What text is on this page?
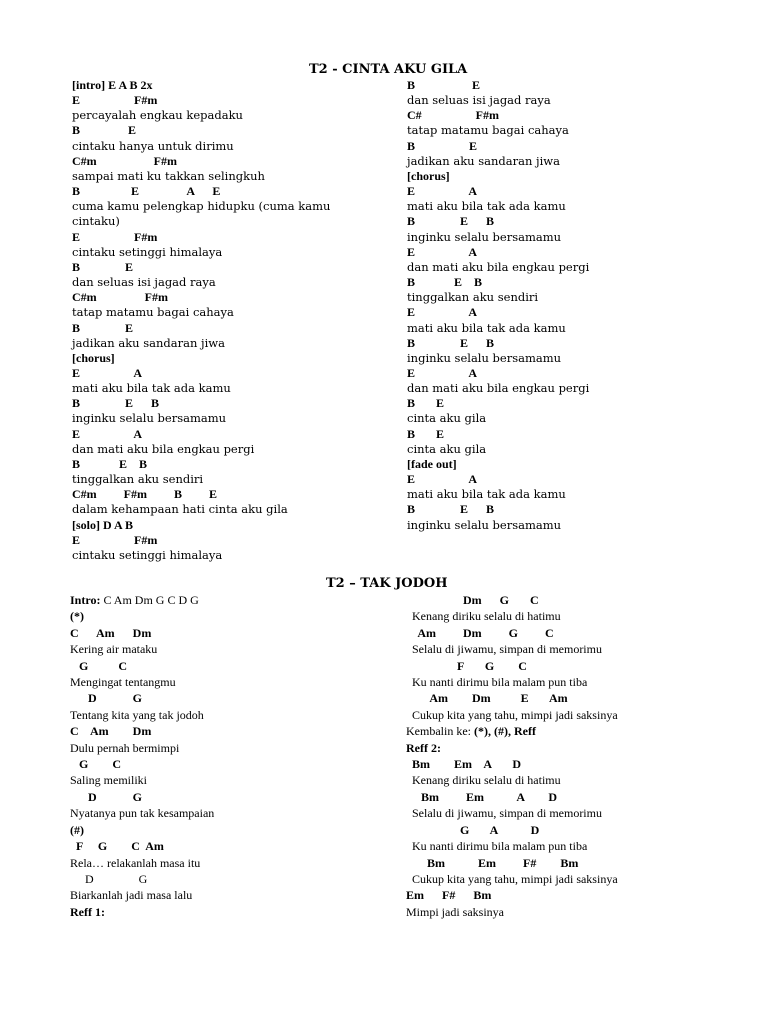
T2 - CINTA AKU GILA
[intro] E A B 2x
E                  F#m
percayalah engkau kepadaku
B                E
cintaku hanya untuk dirimu
C#m                   F#m
sampai mati ku takkan selingkuh
B                 E                A      E
cuma kamu pelengkap hidupku (cuma kamu
cintaku)
E                  F#m
cintaku setinggi himalaya
B               E
dan seluas isi jagad raya
C#m                F#m
tatap matamu bagai cahaya
B               E
jadikan aku sandaran jiwa
[chorus]
E                  A
mati aku bila tak ada kamu
B               E      B
inginku selalu bersamamu
E                  A
dan mati aku bila engkau pergi
B             E    B
tinggalkan aku sendiri
C#m         F#m         B         E
dalam kehampaan hati cinta aku gila
[solo] D A B
E                  F#m
cintaku setinggi himalaya
B                   E
dan seluas isi jagad raya
C#                  F#m
tatap matamu bagai cahaya
B                  E
jadikan aku sandaran jiwa
[chorus]
E                  A
mati aku bila tak ada kamu
B               E      B
inginku selalu bersamamu
E                  A
dan mati aku bila engkau pergi
B             E    B
tinggalkan aku sendiri
E                  A
mati aku bila tak ada kamu
B               E      B
inginku selalu bersamamu
E                  A
dan mati aku bila engkau pergi
B       E
cinta aku gila
B       E
cinta aku gila
[fade out]
E                  A
mati aku bila tak ada kamu
B               E      B
inginku selalu bersamamu
T2 – TAK JODOH
Intro: C Am Dm G C D G
(*)
C      Am      Dm
Kering air mataku
G          C
Mengingat tentangmu
D            G
Tentang kita yang tak jodoh
C    Am        Dm
Dulu pernah bermimpi
G        C
Saling memiliki
D            G
Nyatanya pun tak kesampaian
(#)
F     G        C  Am
Rela… relakanlah masa itu
D               G
Biarkanlah jadi masa lalu
Reff 1:
Dm      G       C
Kenang diriku selalu di hatimu
Am         Dm         G         C
Selalu di jiwamu, simpan di memorimu
F       G        C
Ku nanti dirimu bila malam pun tiba
Am        Dm          E       Am
Cukup kita yang tahu, mimpi jadi saksinya
Kembalin ke: (*), (#), Reff
Reff 2:
Bm        Em    A       D
Kenang diriku selalu di hatimu
Bm         Em           A        D
Selalu di jiwamu, simpan di memorimu
G       A           D
Ku nanti dirimu bila malam pun tiba
Bm           Em         F#        Bm
Cukup kita yang tahu, mimpi jadi saksinya
Em      F#      Bm
Mimpi jadi saksinya
